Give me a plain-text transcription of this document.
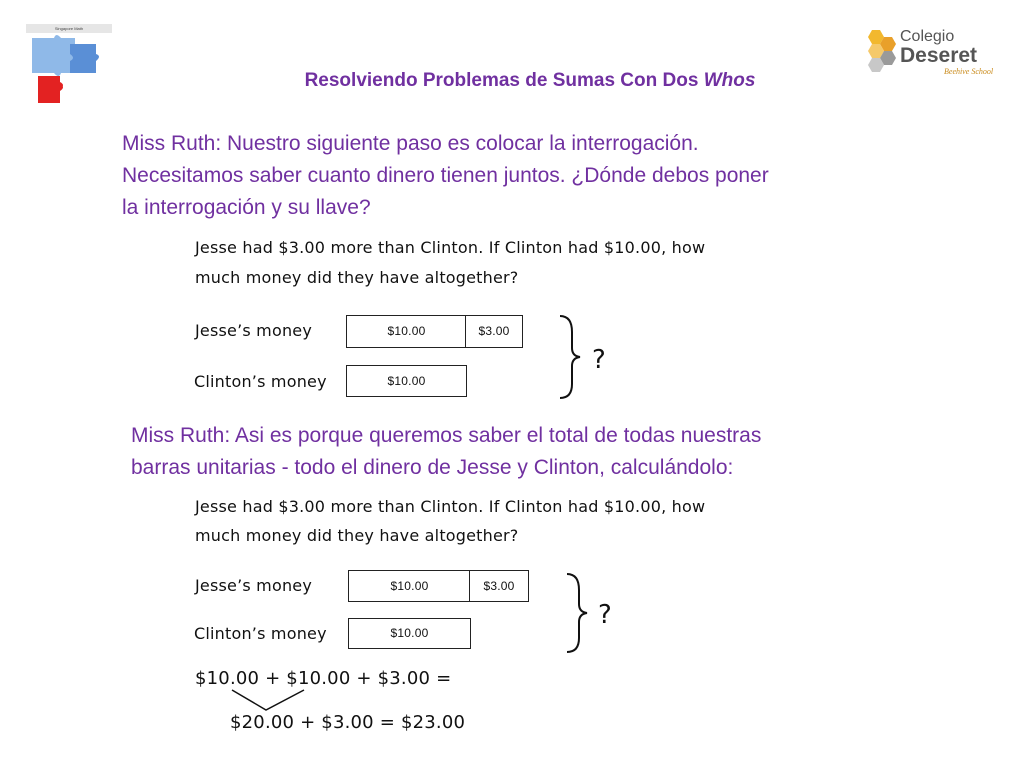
Singapore Math	Colegio
Deseret
Beehive School
Resolviendo Problemas de Sumas Con Dos Whos
Miss Ruth: Nuestro siguiente paso es colocar la interrogación.
Necesitamos saber cuanto dinero tienen juntos. ¿Dónde debos poner
la interrogación y su llave?
Jesse had $3.00 more than Clinton. If Clinton had $10.00, how
much money did they have altogether?
Jesse’s money	$10.00	$3.00
Clinton’s money	$10.00
?
Miss Ruth: Asi es porque queremos saber el total de todas nuestras
barras unitarias - todo el dinero de Jesse y Clinton, calculándolo:
Jesse had $3.00 more than Clinton. If Clinton had $10.00, how
much money did they have altogether?
Jesse’s money	$10.00	$3.00
Clinton’s money	$10.00
?
$10.00 + $10.00 + $3.00 =
$20.00 + $3.00 = $23.00
